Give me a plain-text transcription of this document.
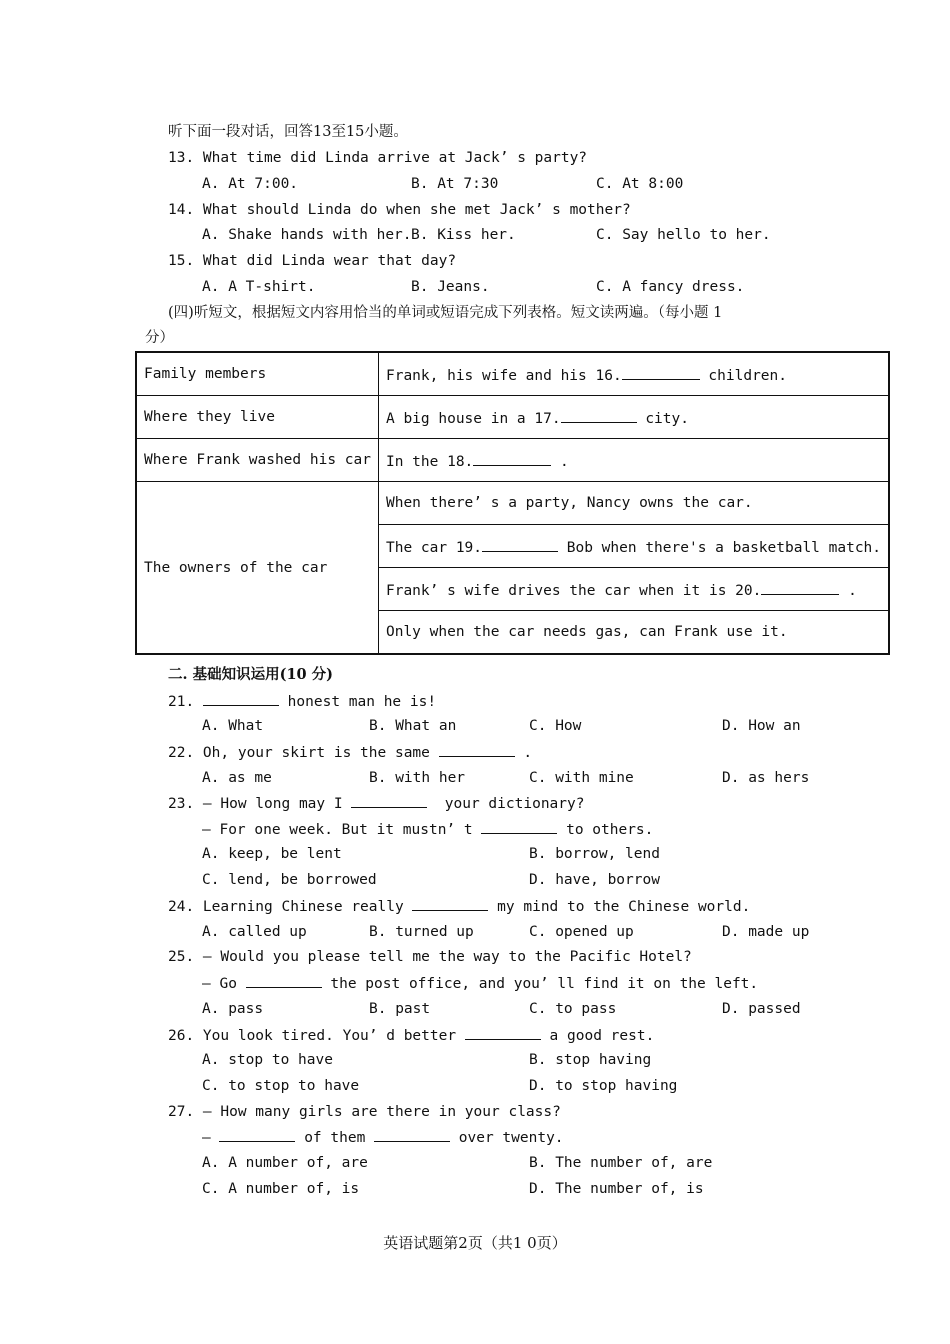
听下面一段对话，回答13至15小题。
13. What time did Linda arrive at Jack’ s party?
A. At 7:00.	B. At 7:30	C. At 8:00
14. What should Linda do when she met Jack’ s mother?
A. Shake hands with her. B. Kiss her.	C. Say hello to her.
15. What did Linda wear that day?
A. A T-shirt.	B. Jeans.	C. A fancy dress.
(四)听短文，根据短文内容用恰当的单词或短语完成下列表格。短文读两遍。（每小题 1
分）
Family members	Frank, his wife and his 16. children.
Where they live	A big house in a 17. city.
Where Frank washed his car	In the 18. .
The owners of the car	When there’ s a party, Nancy owns the car.
	The car 19. Bob when there's a basketball match.
	Frank’ s wife drives the car when it is 20. .
	Only when the car needs gas, can Frank use it.
二. 基础知识运用(10 分)
21.	honest man he is!
A. What	B. What an	C. How	D. How an
22. Oh, your skirt is the same	.
A. as me	B. with her	C. with mine	D. as hers
23. — How long may I	your dictionary?
— For one week. But it mustn’ t	to others.
A. keep, be lent	B. borrow, lend
C. lend, be borrowed	D. have, borrow
24. Learning Chinese really	my mind to the Chinese world.
A. called up	B. turned up	C. opened up	D. made up
25. — Would you please tell me the way to the Pacific Hotel?
— Go	the post office, and you’ ll find it on the left.
A. pass	B. past	C. to pass	D. passed
26. You look tired. You’ d better	a good rest.
A. stop to have	B. stop having
C. to stop to have	D. to stop having
27. — How many girls are there in your class?
—	of them	over twenty.
A. A number of, are	B. The number of, are
C. A number of, is	D. The number of, is
英语试题第2页（共1 0页）
